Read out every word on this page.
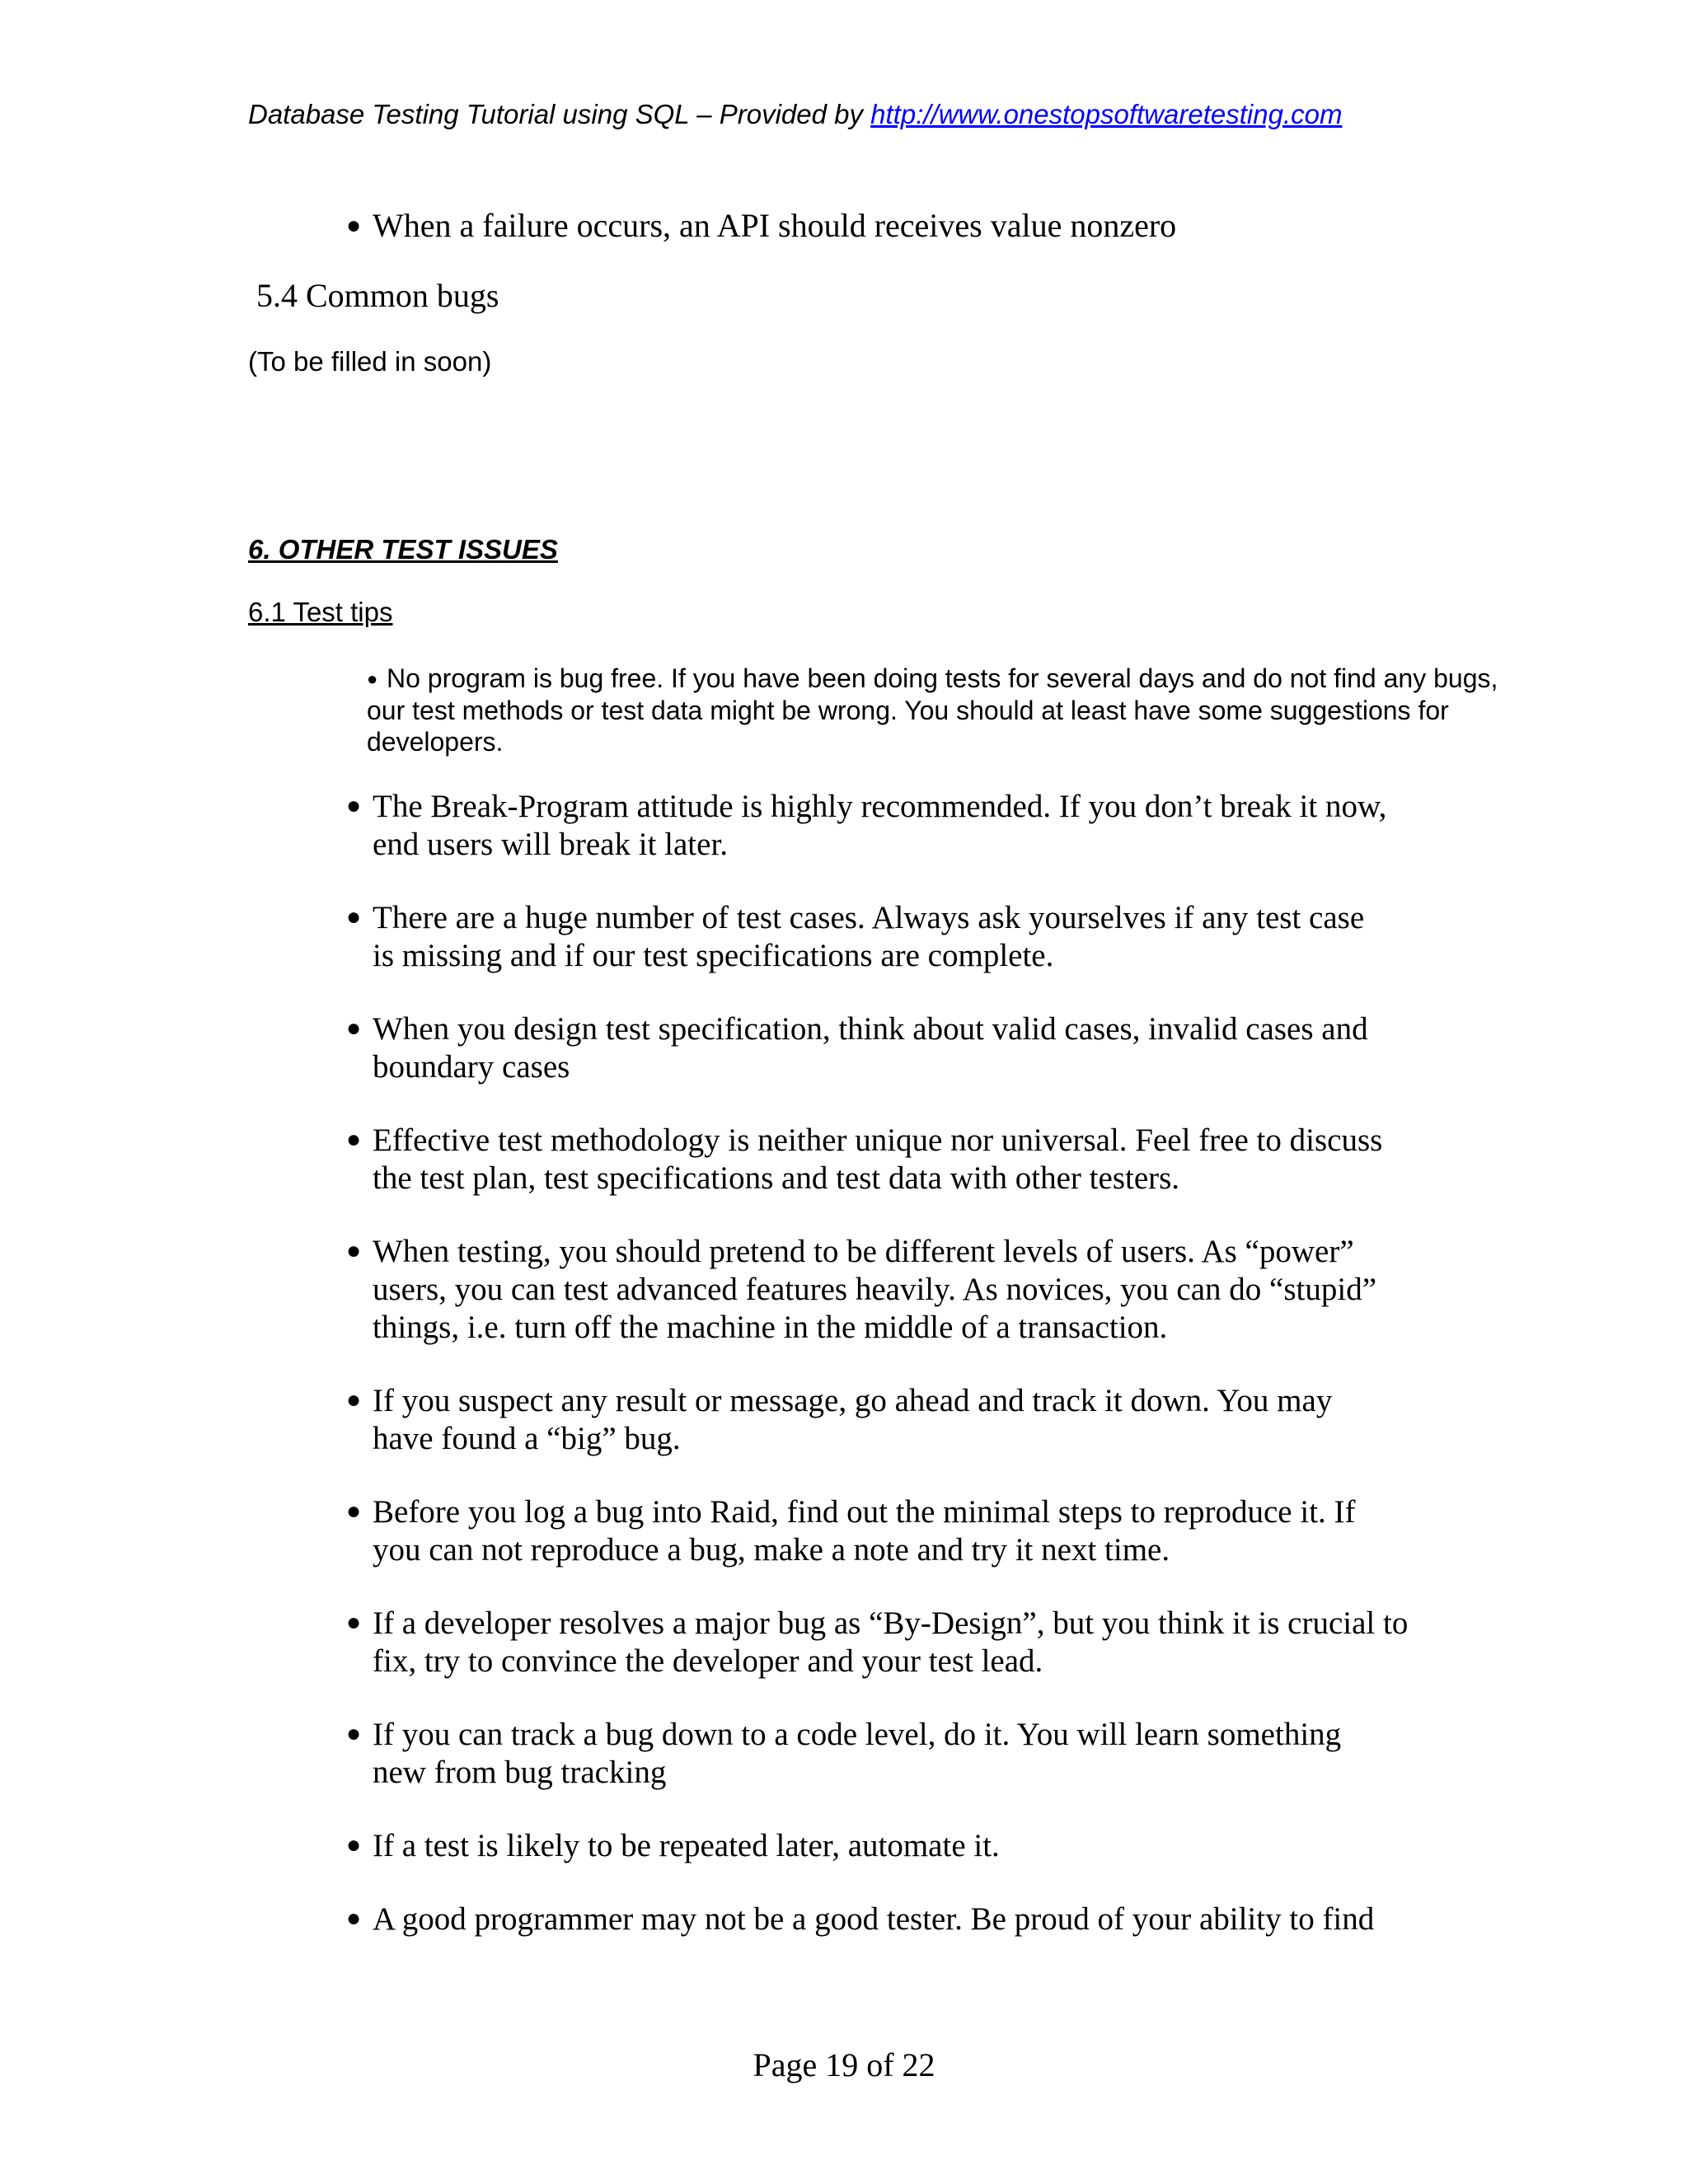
Database Testing Tutorial using SQL – Provided by http://www.onestopsoftwaretesting.com
● When a failure occurs, an API should receives value nonzero
5.4 Common bugs
(To be filled in soon)
6. OTHER TEST ISSUES
6.1 Test tips
● No program is bug free. If you have been doing tests for several days and do not find any bugs, our test methods or test data might be wrong. You should at least have some suggestions for developers.
● The Break-Program attitude is highly recommended. If you don’t break it now,
end users will break it later.
● There are a huge number of test cases. Always ask yourselves if any test case
is missing and if our test specifications are complete.
● When you design test specification, think about valid cases, invalid cases and
boundary cases
● Effective test methodology is neither unique nor universal. Feel free to discuss
the test plan, test specifications and test data with other testers.
● When testing, you should pretend to be different levels of users. As “power”
users, you can test advanced features heavily. As novices, you can do “stupid”
things, i.e. turn off the machine in the middle of a transaction.
● If you suspect any result or message, go ahead and track it down. You may
have found a “big” bug.
● Before you log a bug into Raid, find out the minimal steps to reproduce it. If
you can not reproduce a bug, make a note and try it next time.
● If a developer resolves a major bug as “By-Design”, but you think it is crucial to
fix, try to convince the developer and your test lead.
● If you can track a bug down to a code level, do it. You will learn something
new from bug tracking
● If a test is likely to be repeated later, automate it.
● A good programmer may not be a good tester. Be proud of your ability to find
Page 19 of 22
